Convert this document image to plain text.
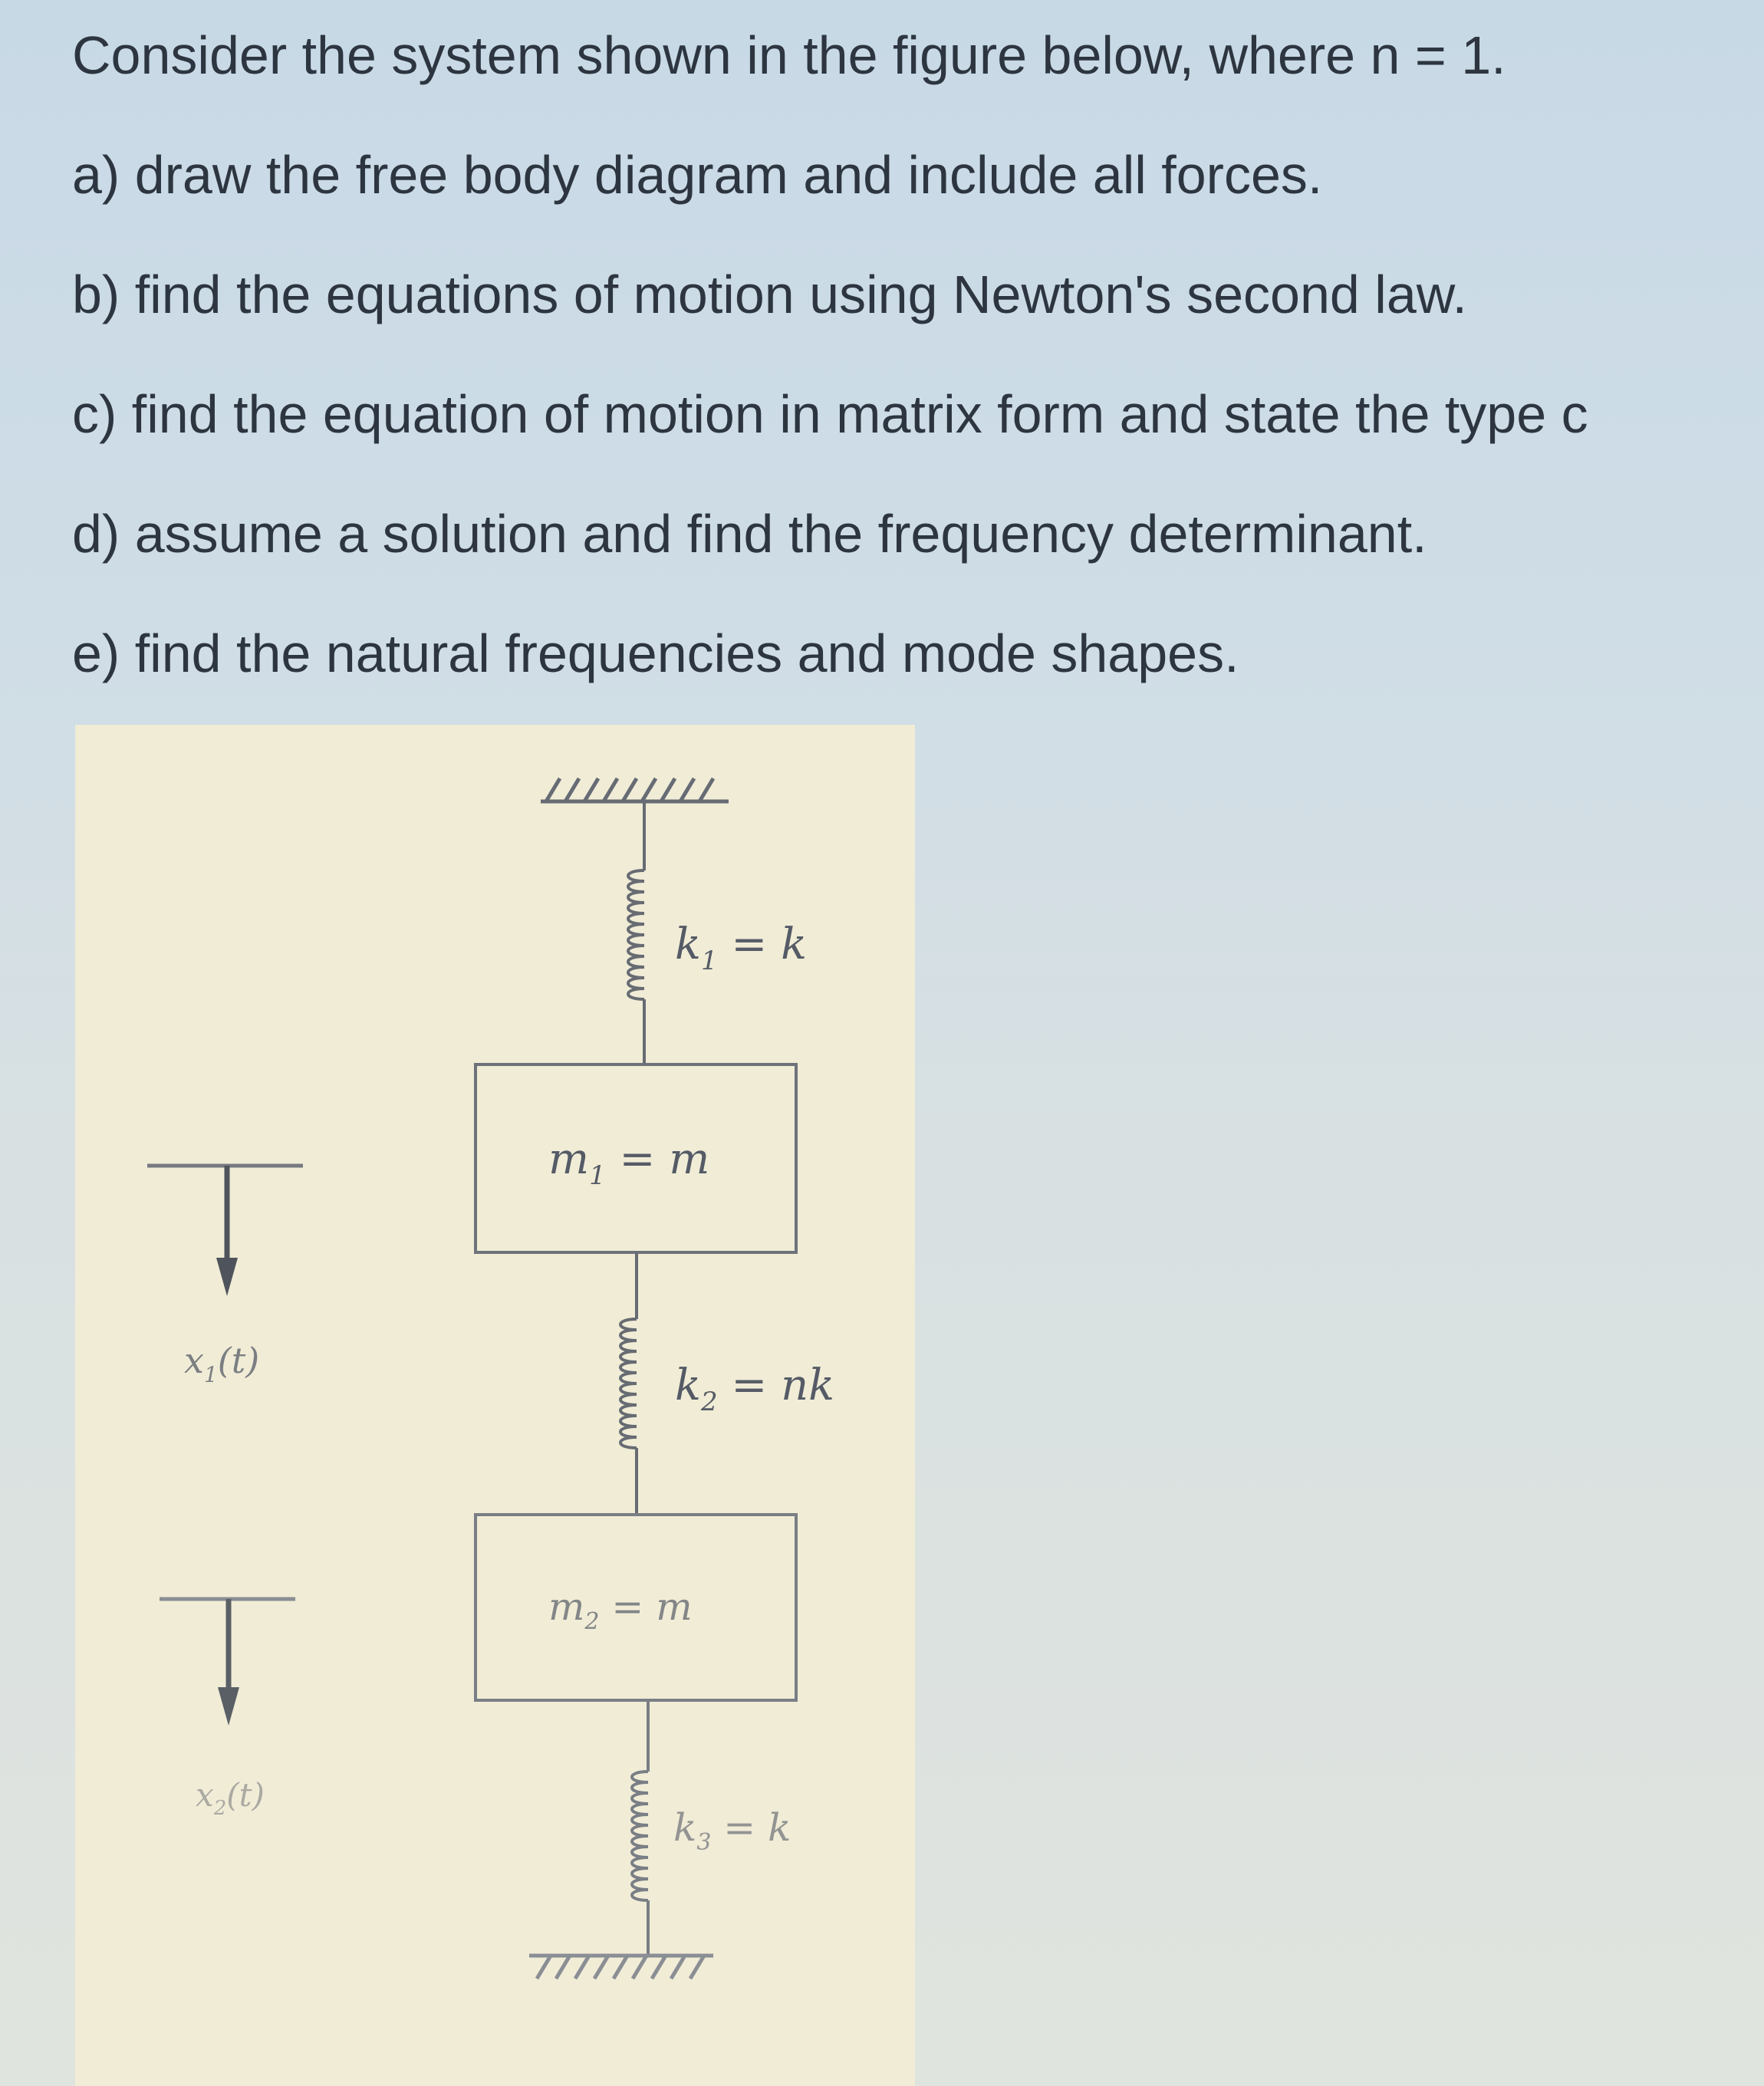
Consider the system shown in the figure below, where n = 1.
a) draw the free body diagram and include all forces.
b) find the equations of motion using Newton's second law.
c) find the equation of motion in matrix form and state the type c
d) assume a solution and find the frequency determinant.
e) find the natural frequencies and mode shapes.
$k_1 = k$
$m_1 = m$
$k_2$ = nk
$m_2 = m$
$k_3 = k$
$x_1(t)$
$x_2(t)$
